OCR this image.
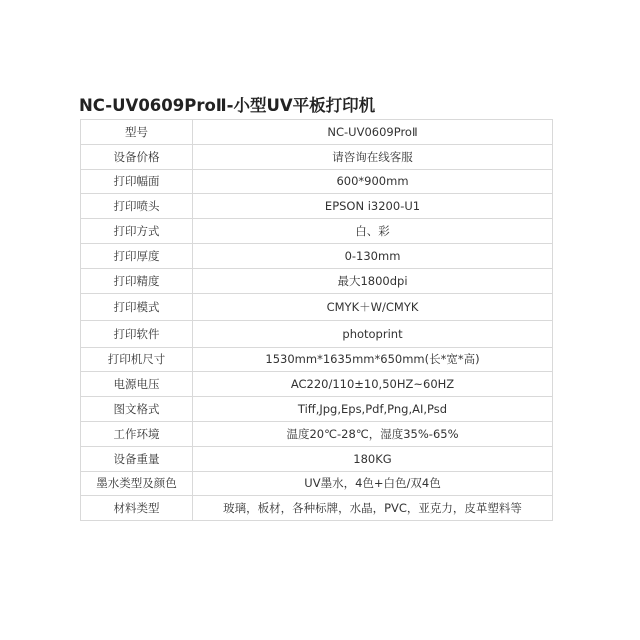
NC-UV0609ProⅡ-小型UV平板打印机
型号	NC-UV0609ProⅡ
设备价格	请咨询在线客服
打印幅面	600*900mm
打印喷头	EPSON i3200-U1
打印方式	白、彩
打印厚度	0-130mm
打印精度	最大1800dpi
打印模式	CMYK＋W/CMYK
打印软件	photoprint
打印机尺寸	1530mm*1635mm*650mm(长*宽*高)
电源电压	AC220/110±10,50HZ~60HZ
图文格式	Tiff,Jpg,Eps,Pdf,Png,AI,Psd
工作环境	温度20℃-28℃，湿度35%-65%
设备重量	180KG
墨水类型及颜色	UV墨水，4色+白色/双4色
材料类型	玻璃，板材，各种标牌，水晶，PVC，亚克力，皮革塑料等
